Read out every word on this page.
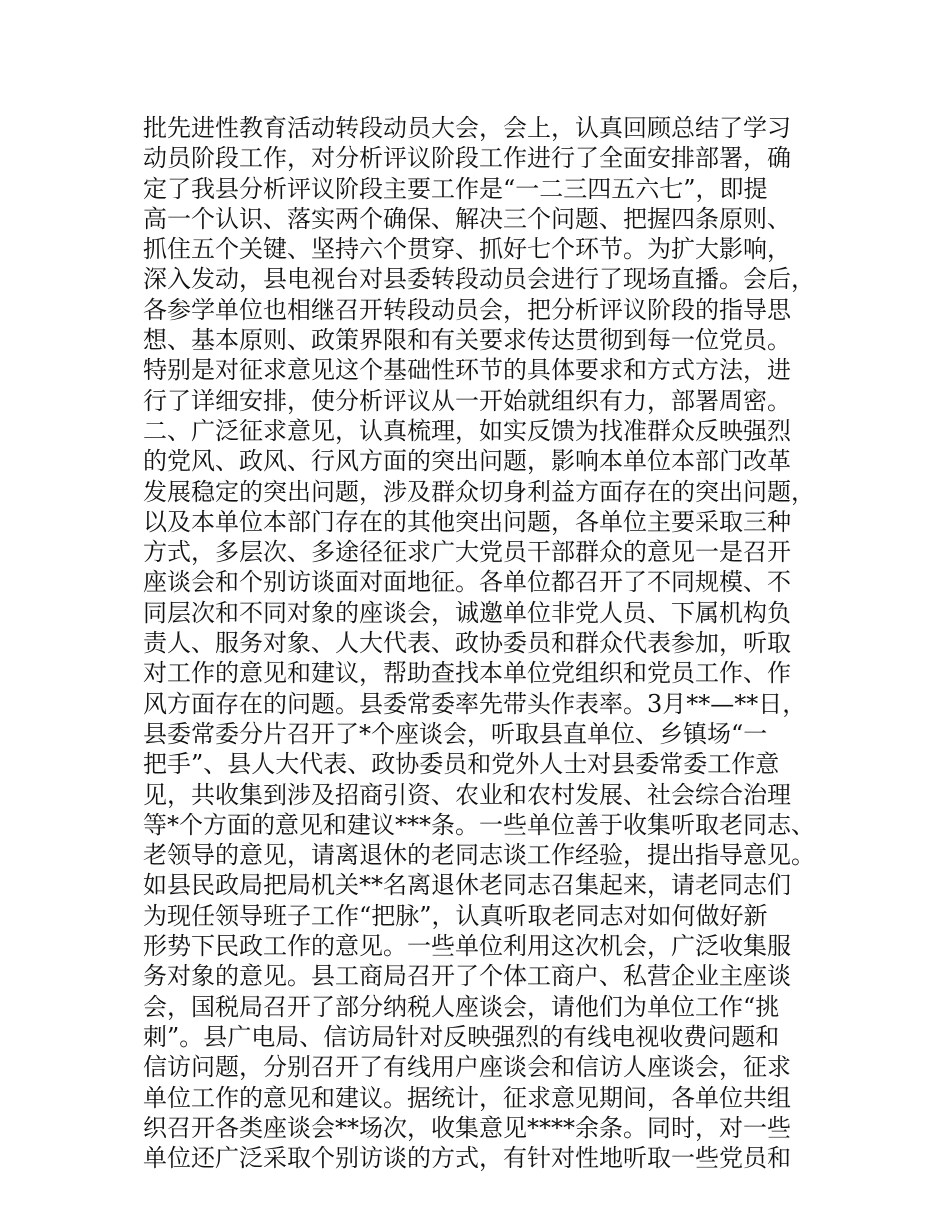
批先进性教育活动转段动员大会，会上，认真回顾总结了学习
动员阶段工作，对分析评议阶段工作进行了全面安排部署，确
定了我县分析评议阶段主要工作是“一二三四五六七”，即提
高一个认识、落实两个确保、解决三个问题、把握四条原则、
抓住五个关键、坚持六个贯穿、抓好七个环节。为扩大影响，
深入发动，县电视台对县委转段动员会进行了现场直播。会后，
各参学单位也相继召开转段动员会，把分析评议阶段的指导思
想、基本原则、政策界限和有关要求传达贯彻到每一位党员。
特别是对征求意见这个基础性环节的具体要求和方式方法，进
行了详细安排，使分析评议从一开始就组织有力，部署周密。
二、广泛征求意见，认真梳理，如实反馈为找准群众反映强烈
的党风、政风、行风方面的突出问题，影响本单位本部门改革
发展稳定的突出问题，涉及群众切身利益方面存在的突出问题，
以及本单位本部门存在的其他突出问题，各单位主要采取三种
方式，多层次、多途径征求广大党员干部群众的意见一是召开
座谈会和个别访谈面对面地征。各单位都召开了不同规模、不
同层次和不同对象的座谈会，诚邀单位非党人员、下属机构负
责人、服务对象、人大代表、政协委员和群众代表参加，听取
对工作的意见和建议，帮助查找本单位党组织和党员工作、作
风方面存在的问题。县委常委率先带头作表率。3月**—**日，
县委常委分片召开了*个座谈会，听取县直单位、乡镇场“一
把手”、县人大代表、政协委员和党外人士对县委常委工作意
见，共收集到涉及招商引资、农业和农村发展、社会综合治理
等*个方面的意见和建议***条。一些单位善于收集听取老同志、
老领导的意见，请离退休的老同志谈工作经验，提出指导意见。
如县民政局把局机关**名离退休老同志召集起来，请老同志们
为现任领导班子工作“把脉”，认真听取老同志对如何做好新
形势下民政工作的意见。一些单位利用这次机会，广泛收集服
务对象的意见。县工商局召开了个体工商户、私营企业主座谈
会，国税局召开了部分纳税人座谈会，请他们为单位工作“挑
刺”。县广电局、信访局针对反映强烈的有线电视收费问题和
信访问题，分别召开了有线用户座谈会和信访人座谈会，征求
单位工作的意见和建议。据统计，征求意见期间，各单位共组
织召开各类座谈会**场次，收集意见****余条。同时，对一些
单位还广泛采取个别访谈的方式，有针对性地听取一些党员和
